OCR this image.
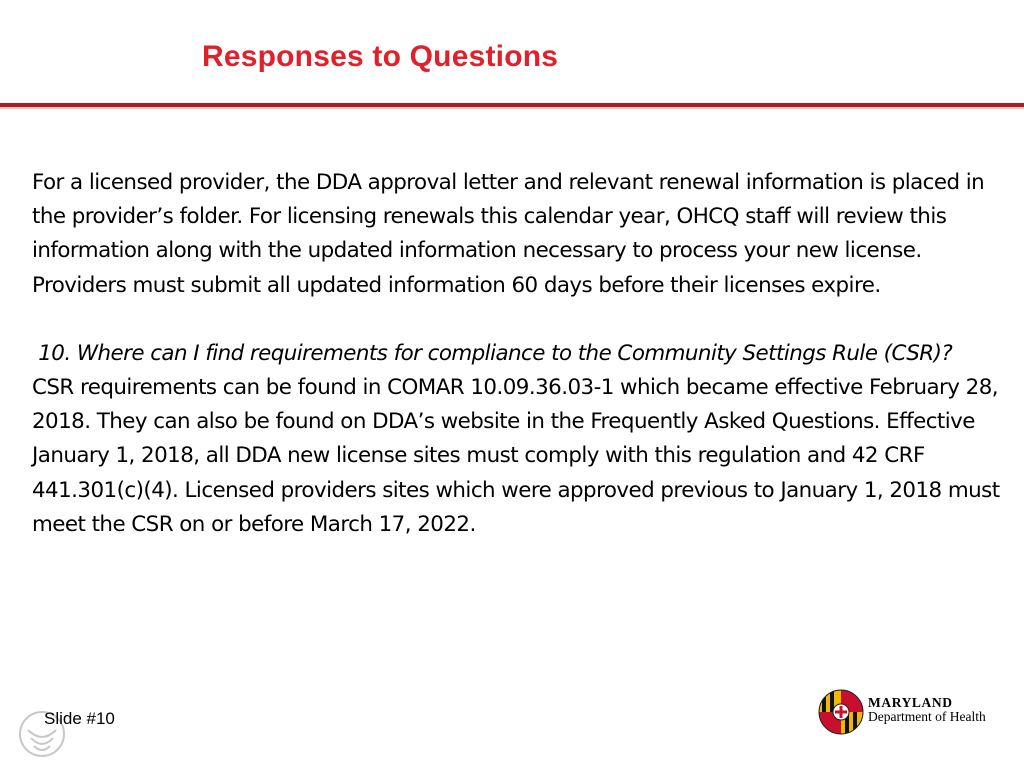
Responses to Questions

For a licensed provider, the DDA approval letter and relevant renewal information is placed in the provider’s folder. For licensing renewals this calendar year, OHCQ staff will review this information along with the updated information necessary to process your new license. Providers must submit all updated information 60 days before their licenses expire.

10. Where can I find requirements for compliance to the Community Settings Rule (CSR)?

CSR requirements can be found in COMAR 10.09.36.03-1 which became effective February 28, 2018. They can also be found on DDA’s website in the Frequently Asked Questions. Effective January 1, 2018, all DDA new license sites must comply with this regulation and 42 CRF 441.301(c)(4). Licensed providers sites which were approved previous to January 1, 2018 must meet the CSR on or before March 17, 2022.

Slide #10
MARYLAND
Department of Health
